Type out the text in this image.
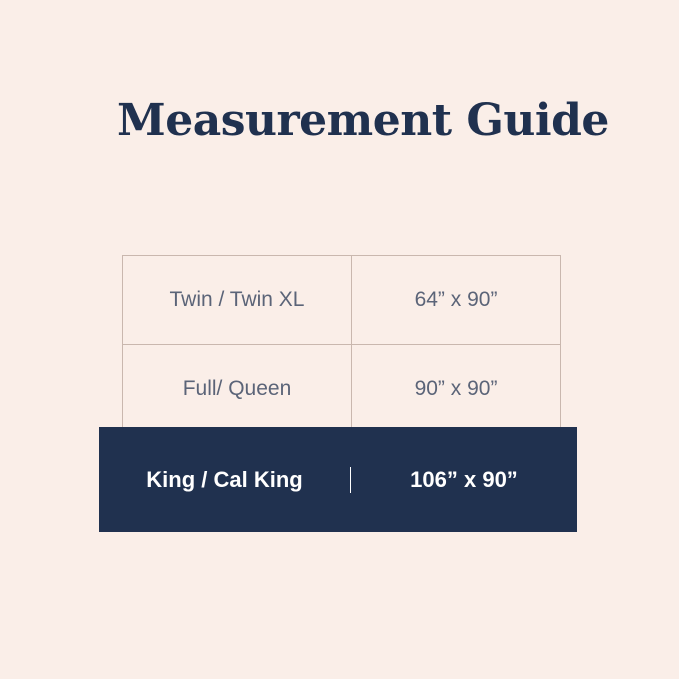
Measurement Guide
Twin / Twin XL	64” x 90”
Full/ Queen	90” x 90”

King / Cal King	106” x 90”
